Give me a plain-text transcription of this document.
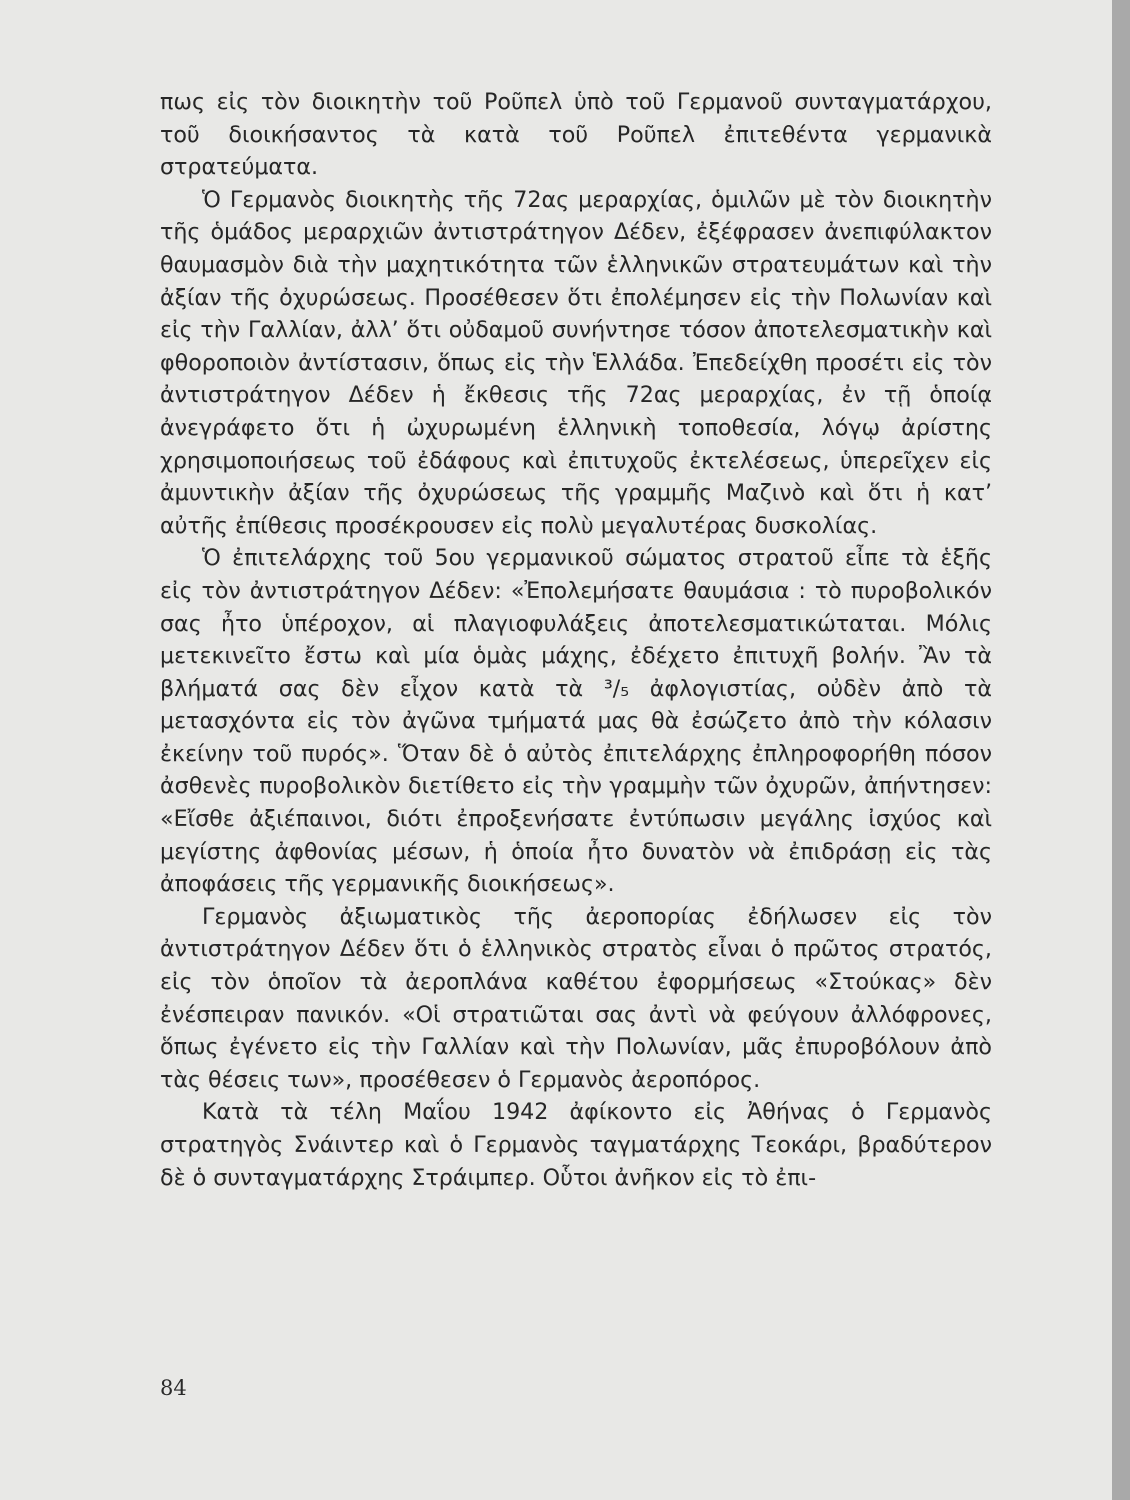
πως εἰς τὸν διοικητὴν τοῦ Ροῦπελ ὑπὸ τοῦ Γερμανοῦ συνταγματάρχου, τοῦ διοικήσαντος τὰ κατὰ τοῦ Ροῦπελ ἐπιτεθέντα γερμανικὰ στρατεύματα.

Ὁ Γερμανὸς διοικητὴς τῆς 72ας μεραρχίας, ὁμιλῶν μὲ τὸν διοικητὴν τῆς ὁμάδος μεραρχιῶν ἀντιστράτηγον Δέδεν, ἐξέφρασεν ἀνεπιφύλακτον θαυμασμὸν διὰ τὴν μαχητικότητα τῶν ἑλληνικῶν στρατευμάτων καὶ τὴν ἀξίαν τῆς ὀχυρώσεως. Προσέθεσεν ὅτι ἐπολέμησεν εἰς τὴν Πολωνίαν καὶ εἰς τὴν Γαλλίαν, ἀλλ’ ὅτι οὐδαμοῦ συνήντησε τόσον ἀποτελεσματικὴν καὶ φθοροποιὸν ἀντίστασιν, ὅπως εἰς τὴν Ἑλλάδα. Ἐπεδείχθη προσέτι εἰς τὸν ἀντιστράτηγον Δέδεν ἡ ἔκθεσις τῆς 72ας μεραρχίας, ἐν τῇ ὁποίᾳ ἀνεγράφετο ὅτι ἡ ὠχυρωμένη ἑλληνικὴ τοποθεσία, λόγῳ ἀρίστης χρησιμοποιήσεως τοῦ ἐδάφους καὶ ἐπιτυχοῦς ἐκτελέσεως, ὑπερεῖχεν εἰς ἀμυντικὴν ἀξίαν τῆς ὀχυρώσεως τῆς γραμμῆς Μαζινὸ καὶ ὅτι ἡ κατ’ αὐτῆς ἐπίθεσις προσέκρουσεν εἰς πολὺ μεγαλυτέρας δυσκολίας.

Ὁ ἐπιτελάρχης τοῦ 5ου γερμανικοῦ σώματος στρατοῦ εἶπε τὰ ἑξῆς εἰς τὸν ἀντιστράτηγον Δέδεν: «Ἐπολεμήσατε θαυμάσια : τὸ πυροβολικόν σας ἦτο ὑπέροχον, αἱ πλαγιοφυλάξεις ἀποτελεσματικώταται. Μόλις μετεκινεῖτο ἔστω καὶ μία ὁμὰς μάχης, ἐδέχετο ἐπιτυχῆ βολήν. Ἂν τὰ βλήματά σας δὲν εἶχον κατὰ τὰ ³/₅ ἀφλογιστίας, οὐδὲν ἀπὸ τὰ μετασχόντα εἰς τὸν ἀγῶνα τμήματά μας θὰ ἐσώζετο ἀπὸ τὴν κόλασιν ἐκείνην τοῦ πυρός». Ὅταν δὲ ὁ αὐτὸς ἐπιτελάρχης ἐπληροφορήθη πόσον ἀσθενὲς πυροβολικὸν διετίθετο εἰς τὴν γραμμὴν τῶν ὀχυρῶν, ἀπήντησεν: «Εἴσθε ἀξιέπαινοι, διότι ἐπροξενήσατε ἐντύπωσιν μεγάλης ἰσχύος καὶ μεγίστης ἀφθονίας μέσων, ἡ ὁποία ἦτο δυνατὸν νὰ ἐπιδράσῃ εἰς τὰς ἀποφάσεις τῆς γερμανικῆς διοικήσεως».

Γερμανὸς ἀξιωματικὸς τῆς ἀεροπορίας ἐδήλωσεν εἰς τὸν ἀντιστράτηγον Δέδεν ὅτι ὁ ἑλληνικὸς στρατὸς εἶναι ὁ πρῶτος στρατός, εἰς τὸν ὁποῖον τὰ ἀεροπλάνα καθέτου ἐφορμήσεως «Στούκας» δὲν ἐνέσπειραν πανικόν. «Οἱ στρατιῶται σας ἀντὶ νὰ φεύγουν ἀλλόφρονες, ὅπως ἐγένετο εἰς τὴν Γαλλίαν καὶ τὴν Πολωνίαν, μᾶς ἐπυροβόλουν ἀπὸ τὰς θέσεις των», προσέθεσεν ὁ Γερμανὸς ἀεροπόρος.

Κατὰ τὰ τέλη Μαΐου 1942 ἀφίκοντο εἰς Ἀθήνας ὁ Γερμανὸς στρατηγὸς Σνάιντερ καὶ ὁ Γερμανὸς ταγματάρχης Τεοκάρι, βραδύτερον δὲ ὁ συνταγματάρχης Στράιμπερ. Οὗτοι ἀνῆκον εἰς τὸ ἐπι-

84
